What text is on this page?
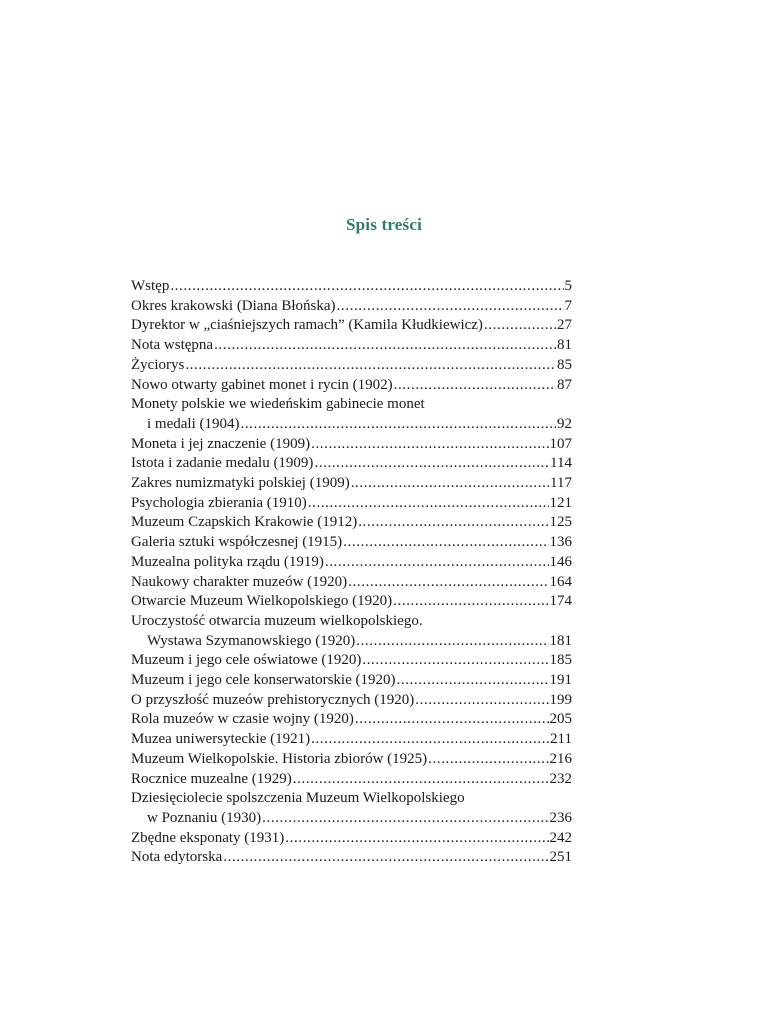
Spis treści
Wstęp .....	5
Okres krakowski (Diana Błońska) .....	7
Dyrektor w „ciaśniejszych ramach” (Kamila Kłudkiewicz) .....	27
Nota wstępna .....	81
Życiorys .....	85
Nowo otwarty gabinet monet i rycin (1902) .....	87
Monety polskie we wiedeńskim gabinecie monet
i medali (1904) .....	92
Moneta i jej znaczenie (1909) .....	107
Istota i zadanie medalu (1909) .....	114
Zakres numizmatyki polskiej (1909) .....	117
Psychologia zbierania (1910) .....	121
Muzeum Czapskich Krakowie (1912) .....	125
Galeria sztuki współczesnej (1915) .....	136
Muzealna polityka rządu (1919) .....	146
Naukowy charakter muzeów (1920) .....	164
Otwarcie Muzeum Wielkopolskiego (1920) .....	174
Uroczystość otwarcia muzeum wielkopolskiego.
Wystawa Szymanowskiego (1920) .....	181
Muzeum i jego cele oświatowe (1920) .....	185
Muzeum i jego cele konserwatorskie (1920) .....	191
O przyszłość muzeów prehistorycznych (1920) .....	199
Rola muzeów w czasie wojny (1920) .....	205
Muzea uniwersyteckie (1921) .....	211
Muzeum Wielkopolskie. Historia zbiorów (1925) .....	216
Rocznice muzealne (1929) .....	232
Dziesięciolecie spolszczenia Muzeum Wielkopolskiego
w Poznaniu (1930) .....	236
Zbędne eksponaty (1931) .....	242
Nota edytorska .....	251
